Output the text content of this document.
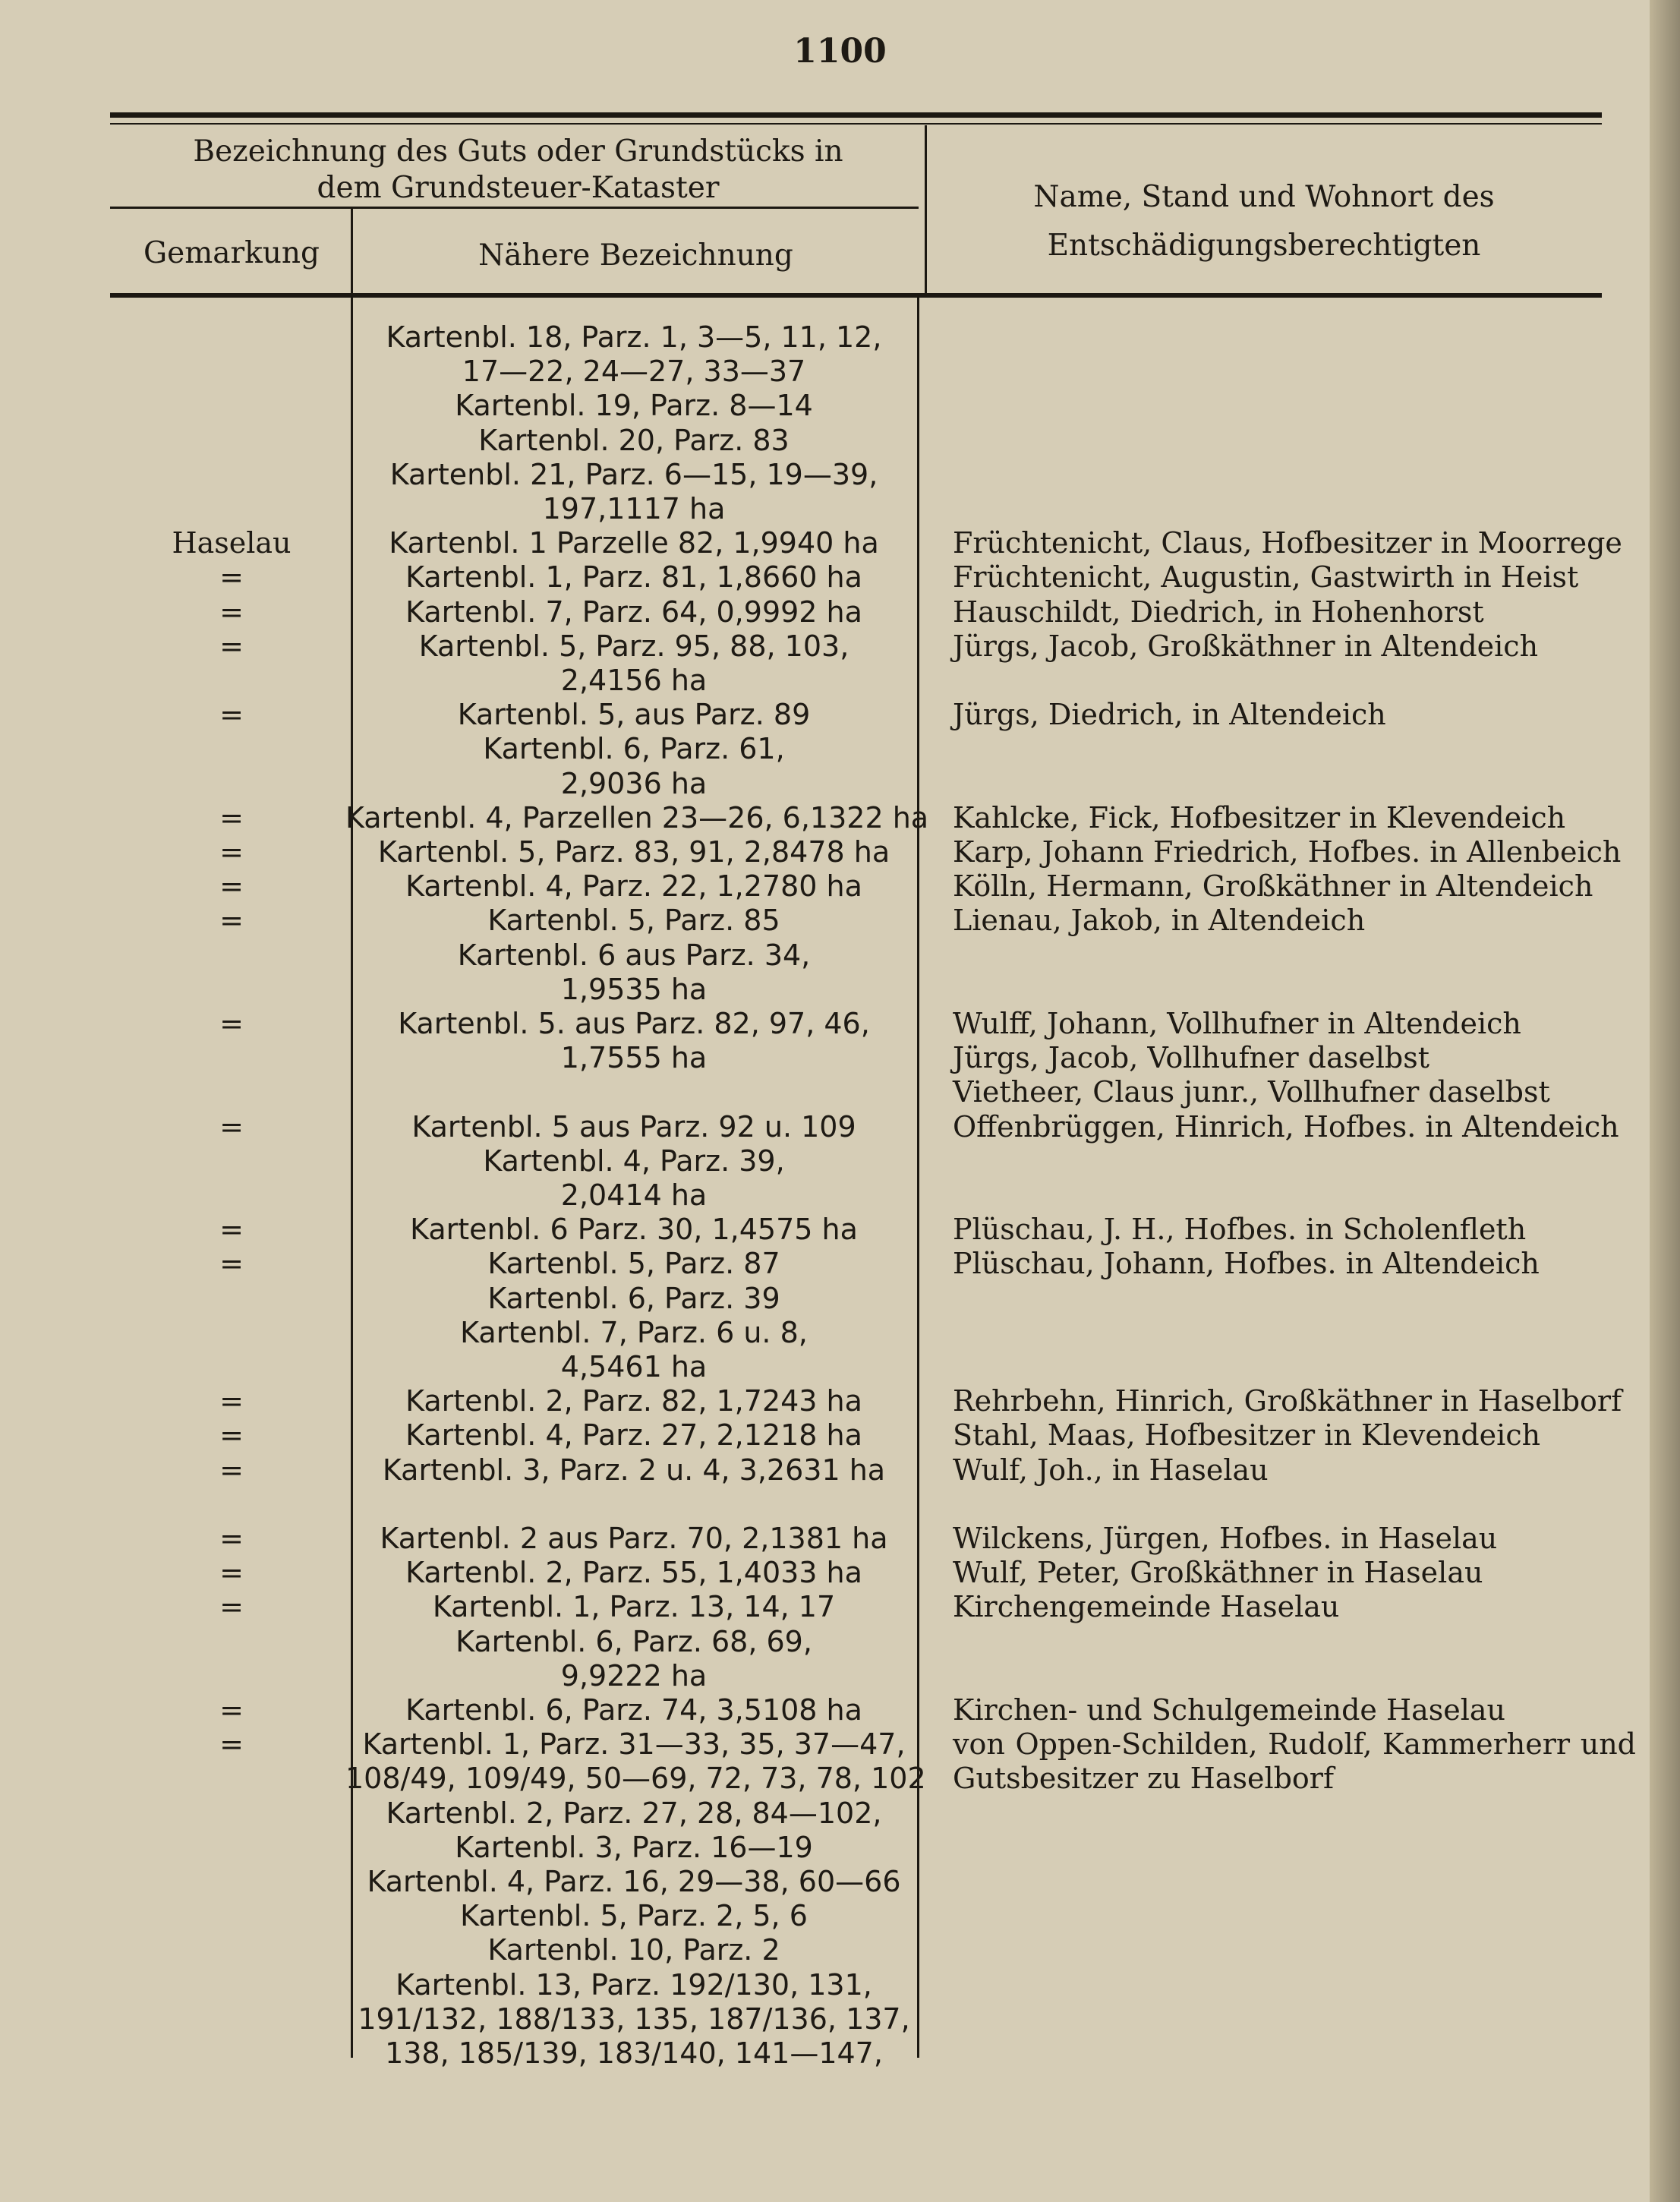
1100
Bezeichnung des Guts oder Grundstücks in
dem Grundsteuer-Kataster
Gemarkung	Nähere Bezeichnung
Name, Stand und Wohnort des
Entschädigungsberechtigten
Kartenbl. 18, Parz. 1, 3—5, 11, 12,
17—22, 24—27, 33—37
Kartenbl. 19, Parz. 8—14
Kartenbl. 20, Parz. 83
Kartenbl. 21, Parz. 6—15, 19—39,
197,1117 ha
Haselau	Kartenbl. 1 Parzelle 82, 1,9940 ha	Früchtenicht, Claus, Hofbesitzer in Moorrege
=	Kartenbl. 1, Parz. 81, 1,8660 ha	Früchtenicht, Augustin, Gastwirth in Heist
=	Kartenbl. 7, Parz. 64, 0,9992 ha	Hauschildt, Diedrich, in Hohenhorst
=	Kartenbl. 5, Parz. 95, 88, 103,	Jürgs, Jacob, Großkäthner in Altendeich
2,4156 ha
=	Kartenbl. 5, aus Parz. 89	Jürgs, Diedrich, in Altendeich
Kartenbl. 6, Parz. 61,
2,9036 ha
=	Kartenbl. 4, Parzellen 23—26, 6,1322 ha Kahlcke, Fick, Hofbesitzer in Klevendeich
=	Kartenbl. 5, Parz. 83, 91, 2,8478 ha	Karp, Johann Friedrich, Hofbes. in Allenbeich
=	Kartenbl. 4, Parz. 22, 1,2780 ha	Kölln, Hermann, Großkäthner in Altendeich
=	Kartenbl. 5, Parz. 85	Lienau, Jakob, in Altendeich
Kartenbl. 6 aus Parz. 34,
1,9535 ha
=	Kartenbl. 5. aus Parz. 82, 97, 46,	Wulff, Johann, Vollhufner in Altendeich
1,7555 ha	Jürgs, Jacob, Vollhufner daselbst
Vietheer, Claus junr., Vollhufner daselbst
=	Kartenbl. 5 aus Parz. 92 u. 109	Offenbrüggen, Hinrich, Hofbes. in Altendeich
Kartenbl. 4, Parz. 39,
2,0414 ha
=	Kartenbl. 6 Parz. 30, 1,4575 ha	Plüschau, J. H., Hofbes. in Scholenfleth
=	Kartenbl. 5, Parz. 87	Plüschau, Johann, Hofbes. in Altendeich
Kartenbl. 6, Parz. 39
Kartenbl. 7, Parz. 6 u. 8,
4,5461 ha
=	Kartenbl. 2, Parz. 82, 1,7243 ha	Rehrbehn, Hinrich, Großkäthner in Haselborf
=	Kartenbl. 4, Parz. 27, 2,1218 ha	Stahl, Maas, Hofbesitzer in Klevendeich
=	Kartenbl. 3, Parz. 2 u. 4, 3,2631 ha	Wulf, Joh., in Haselau
=	Kartenbl. 2 aus Parz. 70, 2,1381 ha	Wilckens, Jürgen, Hofbes. in Haselau
=	Kartenbl. 2, Parz. 55, 1,4033 ha	Wulf, Peter, Großkäthner in Haselau
=	Kartenbl. 1, Parz. 13, 14, 17	Kirchengemeinde Haselau
Kartenbl. 6, Parz. 68, 69,
9,9222 ha
=	Kartenbl. 6, Parz. 74, 3,5108 ha	Kirchen- und Schulgemeinde Haselau
=	Kartenbl. 1, Parz. 31—33, 35, 37—47,	von Oppen-Schilden, Rudolf, Kammerherr und
108/49, 109/49, 50—69, 72, 73, 78, 102 Gutsbesitzer zu Haselborf
Kartenbl. 2, Parz. 27, 28, 84—102,
Kartenbl. 3, Parz. 16—19
Kartenbl. 4, Parz. 16, 29—38, 60—66
Kartenbl. 5, Parz. 2, 5, 6
Kartenbl. 10, Parz. 2
Kartenbl. 13, Parz. 192/130, 131,
191/132, 188/133, 135, 187/136, 137,
138, 185/139, 183/140, 141—147,
